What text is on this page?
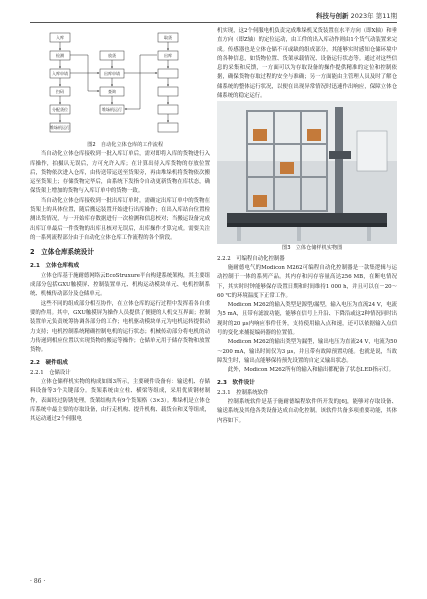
科技与创新 2023年 第11期
入库
检测
入库申请
扫码
分配货位
堆垛机运行
放货
出库申请
查询
堆垛机运行
取货
出库

图2　自动化立体仓库的工作流程

当自动化立体仓库接收到一批入库订单后，需对即将入库的货物进行入库操作，拍摄认无误后，方可允许入库；在计算出待入库货物的存放位置后，货物依次进入仓库，由传送带运送至货架旁，再由堆垛机将货物依次搬运至货架上；存储货物完毕后，由系统下发指令自动更新货物在库状态，确保货架上增加的货物与入库订单中的货物一致。

当自动化立体仓库接收到一批出库订单时，需确定出库订单中的货物在货架上的具体位置，随后搬运装置开始进行出库操作；在出入库站台位置检测出货情况，与一开始库存数据进行一次检测和信息校对；当搬运设备完成出库订单最后一件货物的出库且核对无误后，出库操作才算完成。需要关注的一系列流程部分由于自动化立体仓库工作流程的各个阶段。

2　立体仓库系统设计

2.1　立体仓库构成

立体仓库基于施耐德网络云EcoStruxure平台构建系统架构，其主要组成部分包括GXU触摸屏、控制装置单元、机构运动模块单元、电机控制系统、机械传动部分及仓储单元。

这些不同的组成部分相互协作，在立体仓库的运行过程中发挥着各自重要的作用。其中，GXU触摸屏为操作人员提供了便捷的人机交互界面；控制装置单元负责统筹协调各部分的工作；电机驱动模块单元为电机运转提供动力支持；电机控制系统精确控制电机的运行状态；机械传动部分将电机的动力传递到相应位置以实现货物的搬运等操作；仓储单元用于储存货物和放置货物。

2.2　硬件组成

2.2.1　仓储设计

立体仓储样机实物的构成如图3所示，主要硬件设备有：输送机、存储料设备等3个关键部分。货架系统由立柱、横梁等组成，采用优质钢材制作，表面经过防锈处理，货架结构共有9个货架格（3×3）。堆垛机是立体仓库系统中最主要的存取设备，由行走机构、提升机构、载货台和叉等组成，其运动通过2个伺服电

机实现，这2个伺服电机负责完成堆垛机叉货装置在水平方向（即X轴）和垂直方向（即Z轴）的定位运动，由工件的出入库动作则由1个货气动装置来完成。传感器也是立体仓储不可或缺的组成部分，其能够实时感知仓储环境中的各种信息，如货物位置、货架承载情况、设备运行状态等。通过对这些信息的采集和反馈，一方面可以为存取设备的操作提供精准的定位和控制依据，确保货物存取过程的安全与准确；另一方面能由主管理人员及时了解仓储系统的整体运行状况，以便在出现异常情况时迅速作出响应，保障立体仓储系统的稳定运行。

图3　立体仓储样机实物图

2.2.2　可编程自动化控制器

施耐德电气的Modicon M262可编程自动化控制器是一款集逻辑与运动控制于一体的系列产品。其内存和闪存容量高达256 MB，在断电情况下，其实时时钟能够保存设置日期和时间维持1 000 h，并且可以在－20～60 ℃的环境温度下正常工作。

Modicon M262的输入类型是源型/漏型，输入电压为直流24 V，电流为5 mA，且带有滤波功能，能够在信号上升沿、下降沿或这2种情况同时出现时的20 μs内响应事件任务，支持使用输入点和速，还可以依据输入点信号的变化来捕捉编码器的位置值。

Modicon M262的输出类型为漏型，输出电压为直流24 V，电流为50～200 mA，输出时间仅为3 μs，并且带有故障预置功能。也就是说，当故障发生时，输出点能够保持预先设置的自定义输出状态。

此外，Modicon M262所有的输入和输出都配备了状态LED指示灯。

2.3　软件设计

2.3.1　控制系统软件

控制系统软件是基于施耐德编程软件所开发的[6]，能够对存取设备、输送系统及其他各类设备达成自动化控制。该软件共备多项重要功能，其体内容如下。

· 86 ·
